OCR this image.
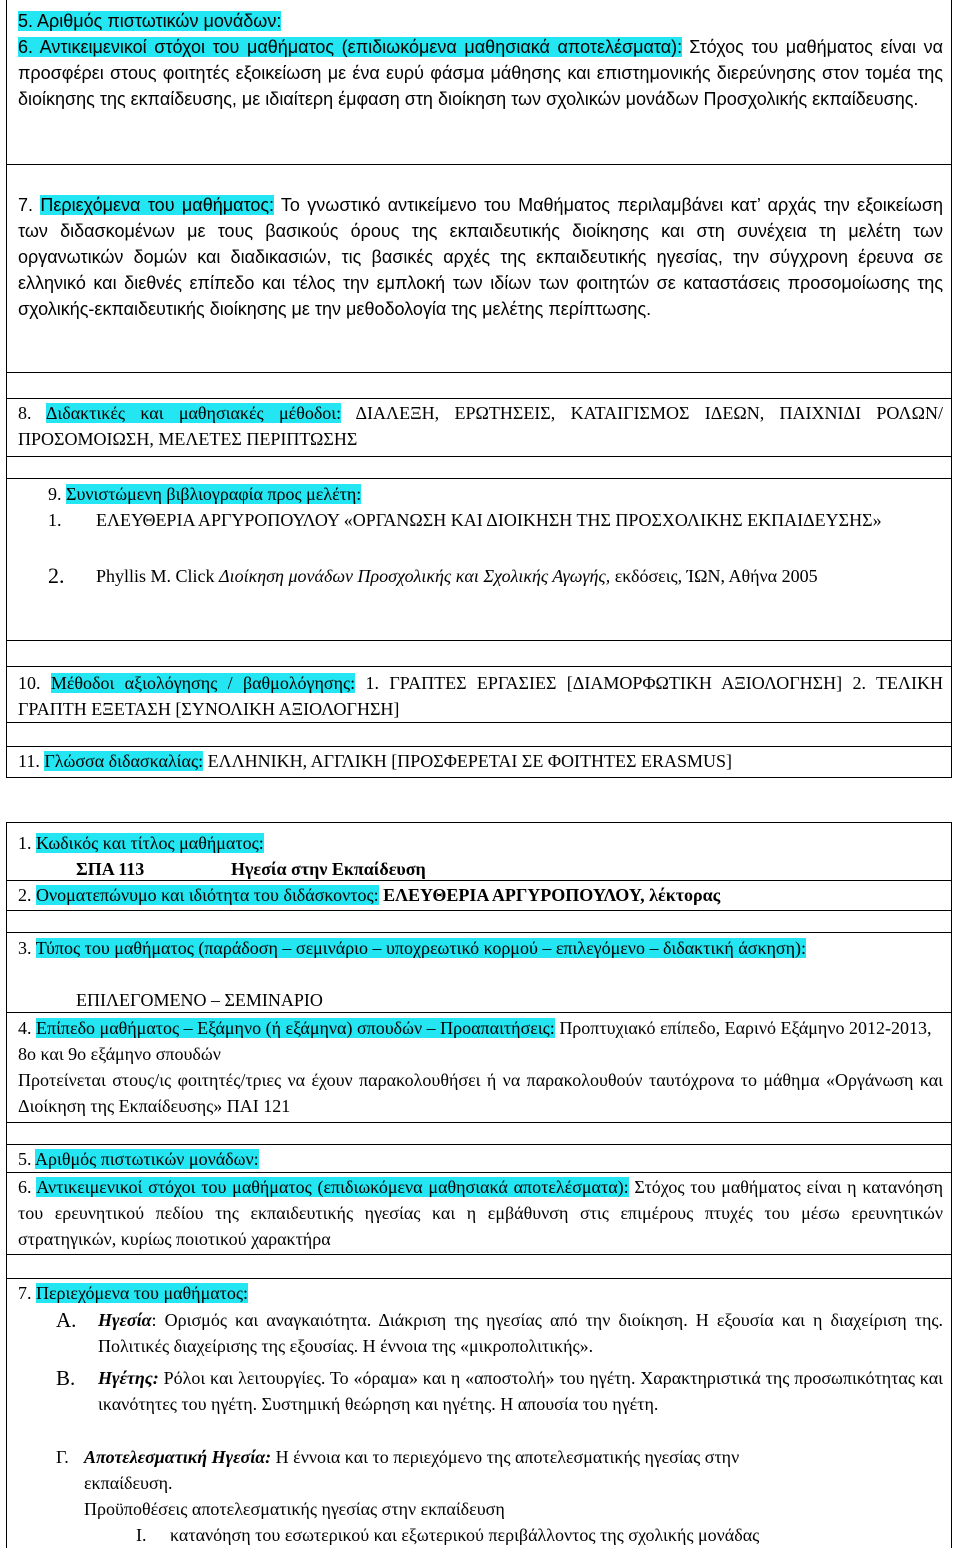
5. Αριθμός πιστωτικών μονάδων:
6. Αντικειμενικοί στόχοι του μαθήματος (επιδιωκόμενα μαθησιακά αποτελέσματα): Στόχος του μαθήματος είναι να προσφέρει στους φοιτητές εξοικείωση με ένα ευρύ φάσμα μάθησης και επιστημονικής διερεύνησης στον τομέα της διοίκησης της εκπαίδευσης, με ιδιαίτερη έμφαση στη διοίκηση των σχολικών μονάδων Προσχολικής εκπαίδευσης.
7. Περιεχόμενα του μαθήματος: Το γνωστικό αντικείμενο του Μαθήματος περιλαμβάνει κατ’ αρχάς την εξοικείωση των διδασκομένων με τους βασικούς όρους της εκπαιδευτικής διοίκησης και στη συνέχεια τη μελέτη των οργανωτικών δομών και διαδικασιών, τις βασικές αρχές της εκπαιδευτικής ηγεσίας, την σύγχρονη έρευνα σε ελληνικό και διεθνές επίπεδο και τέλος την εμπλοκή των ιδίων των φοιτητών σε καταστάσεις προσομοίωσης της σχολικής-εκπαιδευτικής διοίκησης με την μεθοδολογία της μελέτης περίπτωσης.
8. Διδακτικές και μαθησιακές μέθοδοι: ΔΙΑΛΕΞΗ, ΕΡΩΤΗΣΕΙΣ, ΚΑΤΑΙΓΙΣΜΟΣ ΙΔΕΩΝ, ΠΑΙΧΝΙΔΙ ΡΟΛΩΝ/ΠΡΟΣΟΜΟΙΩΣΗ, ΜΕΛΕΤΕΣ ΠΕΡΙΠΤΩΣΗΣ
9. Συνιστώμενη βιβλιογραφία προς μελέτη:
1. ΕΛΕΥΘΕΡΙΑ ΑΡΓΥΡΟΠΟΥΛΟΥ «ΟΡΓΑΝΩΣΗ ΚΑΙ ΔΙΟΙΚΗΣΗ ΤΗΣ ΠΡΟΣΧΟΛΙΚΗΣ ΕΚΠΑΙΔΕΥΣΗΣ»
2. Phyllis M. Click Διοίκηση μονάδων Προσχολικής και Σχολικής Αγωγής, εκδόσεις, ΊΩΝ, Αθήνα 2005
10. Μέθοδοι αξιολόγησης / βαθμολόγησης: 1. ΓΡΑΠΤΕΣ ΕΡΓΑΣΙΕΣ [ΔΙΑΜΟΡΦΩΤΙΚΗ ΑΞΙΟΛΟΓΗΣΗ] 2. ΤΕΛΙΚΗ ΓΡΑΠΤΗ ΕΞΕΤΑΣΗ [ΣΥΝΟΛΙΚΗ ΑΞΙΟΛΟΓΗΣΗ]
11. Γλώσσα διδασκαλίας: ΕΛΛΗΝΙΚΗ, ΑΓΓΛΙΚΗ [ΠΡΟΣΦΕΡΕΤΑΙ ΣΕ ΦΟΙΤΗΤΕΣ ERASMUS]
1. Κωδικός και τίτλος μαθήματος:
ΣΠΑ 113	Ηγεσία στην Εκπαίδευση
2. Ονοματεπώνυμο και ιδιότητα του διδάσκοντος: ΕΛΕΥΘΕΡΙΑ ΑΡΓΥΡΟΠΟΥΛΟΥ, λέκτορας
3. Τύπος του μαθήματος (παράδοση – σεμινάριο – υποχρεωτικό κορμού – επιλεγόμενο – διδακτική άσκηση):
ΕΠΙΛΕΓΟΜΕΝΟ – ΣΕΜΙΝΑΡΙΟ
4. Επίπεδο μαθήματος – Εξάμηνο (ή εξάμηνα) σπουδών – Προαπαιτήσεις: Προπτυχιακό επίπεδο, Εαρινό Εξάμηνο 2012-2013, 8ο και 9ο εξάμηνο σπουδών
Προτείνεται στους/ις φοιτητές/τριες να έχουν παρακολουθήσει ή να παρακολουθούν ταυτόχρονα το μάθημα «Οργάνωση και Διοίκηση της Εκπαίδευσης» ΠΑΙ 121
5. Αριθμός πιστωτικών μονάδων:
6. Αντικειμενικοί στόχοι του μαθήματος (επιδιωκόμενα μαθησιακά αποτελέσματα): Στόχος του μαθήματος είναι η κατανόηση του ερευνητικού πεδίου της εκπαιδευτικής ηγεσίας και η εμβάθυνση στις επιμέρους πτυχές του μέσω ερευνητικών στρατηγικών, κυρίως ποιοτικού χαρακτήρα
7. Περιεχόμενα του μαθήματος:
A. Ηγεσία: Ορισμός και αναγκαιότητα. Διάκριση της ηγεσίας από την διοίκηση. Η εξουσία και η διαχείριση της. Πολιτικές διαχείρισης της εξουσίας. Η έννοια της «μικροπολιτικής».
B. Ηγέτης: Ρόλοι και λειτουργίες. Το «όραμα» και η «αποστολή» του ηγέτη. Χαρακτηριστικά της προσωπικότητας και ικανότητες του ηγέτη. Συστημική θεώρηση και ηγέτης. Η απουσία του ηγέτη.
Γ. Αποτελεσματική Ηγεσία: Η έννοια και το περιεχόμενο της αποτελεσματικής ηγεσίας στην εκπαίδευση.
Προϋποθέσεις αποτελεσματικής ηγεσίας στην εκπαίδευση
I. κατανόηση του εσωτερικού και εξωτερικού περιβάλλοντος της σχολικής μονάδας
